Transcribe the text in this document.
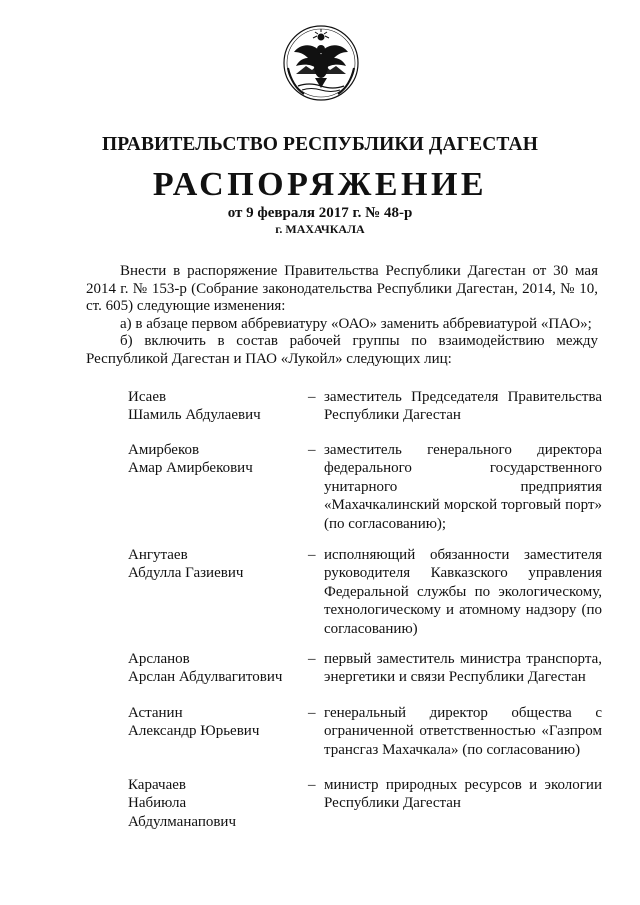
ПРАВИТЕЛЬСТВО РЕСПУБЛИКИ ДАГЕСТАН
РАСПОРЯЖЕНИЕ
от 9 февраля 2017 г. № 48-р
г. МАХАЧКАЛА

Внести в распоряжение Правительства Республики Дагестан от 30 мая 2014 г. № 153-р (Собрание законодательства Республики Дагестан, 2014, № 10, ст. 605) следующие изменения:

а) в абзаце первом аббревиатуру «ОАО» заменить аббревиатурой «ПАО»;

б) включить в состав рабочей группы по взаимодействию между Республикой Дагестан и ПАО «Лукойл» следующих лиц:

Исаев
Шамиль Абдулаевич
– заместитель Председателя Правительства Республики Дагестан
Амирбеков
Амар Амирбекович
– заместитель генерального директора федерального государственного унитарного предприятия «Махачкалинский морской торговый порт» (по согласованию);
Ангутаев
Абдулла Газиевич
– исполняющий обязанности заместителя руководителя Кавказского управления Федеральной службы по экологическому, технологическому и атомному надзору (по согласованию)
Арсланов
Арслан Абдулвагитович
– первый заместитель министра транспорта, энергетики и связи Республики Дагестан
Астанин
Александр Юрьевич
– генеральный директор общества с ограниченной ответственностью «Газпром трансгаз Махачкала» (по согласованию)
Карачаев
Набиюла
Абдулманапович
– министр природных ресурсов и экологии Республики Дагестан
